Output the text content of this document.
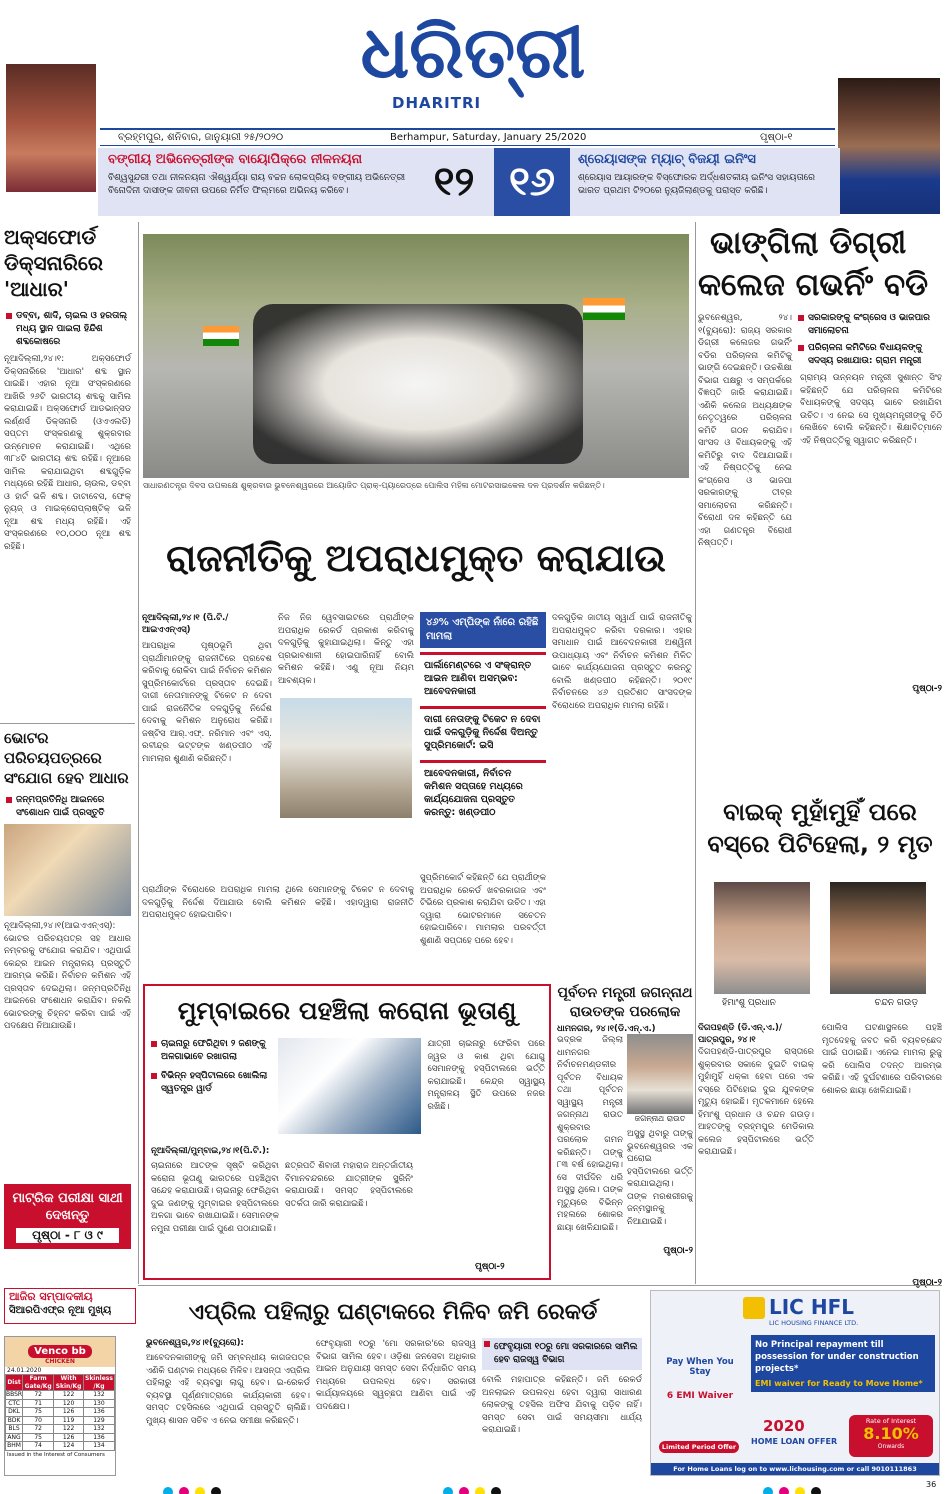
ଧରିତ୍ରୀ
DHARITRI
ବ୍ରହ୍ମପୁର, ଶନିବାର, ଜାନୁୟାରୀ ୨୫/୨୦୨୦	Berhampur, Saturday, January 25/2020	ପୃଷ୍ଠା-୧
ବଙ୍ଗୀୟ ଅଭିନେତ୍ରୀଙ୍କ ବାୟୋପିକ୍‌ରେ ନୀଳନୟନା
ବିଶ୍ୱସୁନ୍ଦରୀ ତଥା ନୀଳନୟନା ଐଶ୍ୱର୍ଯ୍ୟା ରାୟ ବଚ୍ଚନ ଲୋକପ୍ରିୟ ବଙ୍ଗୀୟ ଅଭିନେତ୍ରୀ ବିନୋଦିନୀ ଦାସୀଙ୍କ ଜୀବନୀ ଉପରେ ନିର୍ମିତ ଫିଲ୍ମରେ ଅଭିନୟ କରିବେ।	୧୨ ୧୬	ଶ୍ରେୟାସଙ୍କ ମ୍ୟାଚ୍ ବିଜୟୀ ଇନିଂସ
ଶ୍ରେୟାସ ଆୟାରଙ୍କ ବିସ୍ଫୋରକ ଅର୍ଦ୍ଧଶତକୀୟ ଇନିଂସ ସହାୟତାରେ ଭାରତ ପ୍ରଥମ ଟି୨୦ରେ ନ୍ୟୁଜିଲାଣ୍ଡକୁ ପରାସ୍ତ କରିଛି।
ଅକ୍ସଫୋର୍ଡ ଡିକ୍ସନାରିରେ 'ଆଧାର'
ଡବ୍ବା, ଶାଦି, ଚାଇଲ ଓ ହରତାଲ୍ ମଧ୍ୟ ସ୍ଥାନ ପାଇଲା ହିନ୍ଦିଶ ଶବ୍ଦକୋଷରେ
ନୂଆଦିଲ୍ଲୀ,୨୪।୧: ଅକ୍ସଫୋର୍ଡ ଡିକ୍ସନାରିରେ 'ଆଧାର' ଶବ୍ଦ ସ୍ଥାନ ପାଇଛି। ଏହାର ନୂଆ ସଂସ୍କରଣରେ ଆଖିରି ୨୬ଟି ଭାରତୀୟ ଶବ୍ଦକୁ ସାମିଲ କରାଯାଇଛି। ଅକ୍ସଫୋର୍ଡ ଆଡଭାନ୍ସଡ ଲର୍ଣ୍ଣର୍ସ ଡିକ୍ସନାରି (ଓଏଏଲଡି) ସପ୍ତମ ସଂସ୍କରଣକୁ ଶୁକ୍ରବାର ଉନ୍ମୋଚନ କରାଯାଇଛି। ଏଥିରେ ୩୮୪ଟି ଭାରତୀୟ ଶବ୍ଦ ରହିଛି। ନୂଆରେ ସାମିଲ କରାଯାଇଥିବା ଶବ୍ଦଗୁଡ଼ିକ ମଧ୍ୟରେ ରହିଛି ଆଧାର, ଚାଉଲ, ଡବ୍ବା ଓ ହାର୍ଟ ଭଳି ଶବ୍ଦ। ଡାଟାବେସ, ଫେକ୍ ନ୍ୟୁଜ୍ ଓ ମାଇକ୍ରୋପ୍ଲାଷ୍ଟିକ୍ ଭଳି ନୂଆ ଶବ୍ଦ ମଧ୍ୟ ରହିଛି। ଏହି ସଂସ୍କରଣରେ ୧୦,୦୦୦ ନୂଆ ଶବ୍ଦ ରହିଛି।
ଭୋଟର ପରିଚୟପତ୍ରରେ ସଂଯୋଗ ହେବ ଆଧାର
ଜନ୍ମପ୍ରତିନିଧି ଆଇନରେ ସଂଶୋଧନ ପାଇଁ ପ୍ରସ୍ତୁତି
ନୂଆଦିଲ୍ଲୀ,୨୪।୧(ଆଇଏଏନ୍‌ଏସ୍): ଭୋଟର ପରିଚୟପତ୍ର ସହ ଆଧାର ନମ୍ବରକୁ ସଂଯୋଗ କରାଯିବ। ଏଥିପାଇଁ କେନ୍ଦ୍ର ଆଇନ ମନ୍ତ୍ରାଳୟ ପ୍ରସ୍ତୁତି ଆରମ୍ଭ କରିଛି। ନିର୍ବାଚନ କମିଶନ ଏହି ପ୍ରସ୍ତାବ ଦେଇଥିଲା। ଜନ୍ମପ୍ରତିନିଧି ଆଇନରେ ସଂଶୋଧନ କରାଯିବ। ନକଲି ଭୋଟରଙ୍କୁ ଚିହ୍ନଟ କରିବା ପାଇଁ ଏହି ପଦକ୍ଷେପ ନିଆଯାଉଛି।
ମାଟ୍ରିକ ପରୀକ୍ଷା ସାଥୀ ଦେଖନ୍ତୁ
ପୃଷ୍ଠା - ୮ ଓ ୯
ସାଧାରଣତନ୍ତ୍ର ଦିବସ ଉପଲକ୍ଷେ ଶୁକ୍ରବାର ଭୁବନେଶ୍ୱରରେ ଆୟୋଜିତ ପ୍ରାକ୍-ପ୍ୟାରେଡ୍‌ରେ ପୋଲିସ ମହିଳା ମୋଟରସାଇକେଲ ଦଳ ପ୍ରଦର୍ଶନ କରିଛନ୍ତି।
ଭାଙ୍ଗିଲା ଡିଗ୍ରୀ
କଲେଜ ଗଭର୍ନିଂ ବଡି
ଭୁବନେଶ୍ୱର, ୨୪।୧(ବ୍ୟୁରୋ): ରାଜ୍ୟ ସରକାର ଡିଗ୍ରୀ କଲେଜର ଗଭର୍ନିଂ ବଡିର ପରିଚାଳନା କମିଟିକୁ ଭାଙ୍ଗି ଦେଇଛନ୍ତି। ଉଚ୍ଚଶିକ୍ଷା ବିଭାଗ ପକ୍ଷରୁ ଏ ସମ୍ପର୍କରେ ବିଜ୍ଞପ୍ତି ଜାରି କରାଯାଇଛି। ଏଣିକି କଲେଜ ଅଧ୍ୟକ୍ଷଙ୍କ ନେତୃତ୍ୱରେ ପରିଚାଳନା କମିଟି ଗଠନ କରାଯିବ। ସାଂସଦ ଓ ବିଧାୟକଙ୍କୁ ଏହି କମିଟିରୁ ବାଦ ଦିଆଯାଇଛି। ଏହି ନିଷ୍ପତ୍ତିକୁ ନେଇ କଂଗ୍ରେସ ଓ ଭାଜପା ସରକାରଙ୍କୁ ତୀବ୍ର ସମାଲୋଚନା କରିଛନ୍ତି। ବିରୋଧୀ ଦଳ କହିଛନ୍ତି ଯେ ଏହା ଗଣତନ୍ତ୍ର ବିରୋଧୀ ନିଷ୍ପତ୍ତି।
ସରକାରଙ୍କୁ କଂଗ୍ରେସ ଓ ଭାଜପାର ସମାଲୋଚନା
ପରିଚାଳନା କମିଟିରେ ବିଧାୟକଙ୍କୁ ସଦସ୍ୟ ରଖାଯାଉ: ଗ୍ରାମ ମନ୍ତ୍ରୀ
ଗ୍ରାମ୍ୟ ଉନ୍ନୟନ ମନ୍ତ୍ରୀ ସୁଶାନ୍ତ ସିଂହ କହିଛନ୍ତି ଯେ ପରିଚାଳନା କମିଟିରେ ବିଧାୟକଙ୍କୁ ସଦସ୍ୟ ଭାବେ ରଖାଯିବା ଉଚିତ। ଏ ନେଇ ସେ ମୁଖ୍ୟମନ୍ତ୍ରୀଙ୍କୁ ଚିଠି ଲେଖିବେ ବୋଲି କହିଛନ୍ତି। ଶିକ୍ଷାବିତ୍‌ମାନେ ଏହି ନିଷ୍ପତ୍ତିକୁ ସ୍ୱାଗତ କରିଛନ୍ତି।
ପୃଷ୍ଠା-୨
ରାଜନୀତିକୁ ଅପରାଧମୁକ୍ତ କରାଯାଉ
ନୂଆଦିଲ୍ଲୀ,୨୪।୧ (ପି.ଟି./ଆଇଏଏନ୍‌ଏସ୍)
ଆପରାଧିକ ପୃଷ୍ଠଭୂମି ଥିବା ପ୍ରାର୍ଥୀମାନଙ୍କୁ ରାଜନୀତିରେ ପ୍ରବେଶ କରିବାକୁ ରୋକିବା ପାଇଁ ନିର୍ବାଚନ କମିଶନ ସୁପ୍ରିମକୋର୍ଟରେ ପ୍ରସ୍ତାବ ଦେଇଛି। ଦାଗୀ ନେତାମାନଙ୍କୁ ଟିକେଟ ନ ଦେବା ପାଇଁ ରାଜନୈତିକ ଦଳଗୁଡ଼ିକୁ ନିର୍ଦ୍ଦେଶ ଦେବାକୁ କମିଶନ ଅନୁରୋଧ କରିଛି। ଜଷ୍ଟିସ ଆର୍‌.ଏଫ୍‌. ନରିମାନ ଏବଂ ଏସ୍‌. ରବୀନ୍ଦ୍ର ଭଟ୍ଟଙ୍କ ଖଣ୍ଡପୀଠ ଏହି ମାମଲାର ଶୁଣାଣି କରିଛନ୍ତି।
ନିଜ ନିଜ ୱେବସାଇଟରେ ପ୍ରାର୍ଥୀଙ୍କ ଅପରାଧିକ ରେକର୍ଡ ପ୍ରକାଶ କରିବାକୁ ଦଳଗୁଡ଼ିକୁ କୁହାଯାଇଥିଲା। କିନ୍ତୁ ଏହା ପ୍ରଭାବଶାଳୀ ହୋଇପାରିନାହିଁ ବୋଲି କମିଶନ କହିଛି। ଏଣୁ ନୂଆ ନିୟମ ଆବଶ୍ୟକ।
ପ୍ରାର୍ଥୀଙ୍କ ବିରୋଧରେ ଅପରାଧିକ ମାମଲା ଥିଲେ ସେମାନଙ୍କୁ ଟିକେଟ ନ ଦେବାକୁ ଦଳଗୁଡ଼ିକୁ ନିର୍ଦ୍ଦେଶ ଦିଆଯାଉ ବୋଲି କମିଶନ କହିଛି। ଏହାଦ୍ୱାରା ରାଜନୀତି ଅପରାଧମୁକ୍ତ ହୋଇପାରିବ।
୪୬% ଏମ୍ପିଙ୍କ ନାଁରେ ରହିଛି ମାମଲା
ପାର୍ଲାମେଣ୍ଟରେ ଏ ସଂକ୍ରାନ୍ତ ଆଇନ ଆଣିବା ଅସମ୍ଭବ: ଆବେଦନକାରୀ
ଦାଗୀ ନେତାଙ୍କୁ ଟିକେଟ ନ ଦେବା ପାଇଁ ଦଳଗୁଡ଼ିକୁ ନିର୍ଦ୍ଦେଶ ଦିଅନ୍ତୁ ସୁପ୍ରିମକୋର୍ଟ: ଇସି
ଆବେଦନକାରୀ, ନିର୍ବାଚନ କମିଶନ ସପ୍ତାହେ ମଧ୍ୟରେ କାର୍ଯ୍ୟଯୋଜନା ପ୍ରସ୍ତୁତ କରନ୍ତୁ: ଖଣ୍ଡପୀଠ
ସୁପ୍ରିମକୋର୍ଟ କହିଛନ୍ତି ଯେ ପ୍ରାର୍ଥୀଙ୍କ ଅପରାଧିକ ରେକର୍ଡ ଖବରକାଗଜ ଏବଂ ଟିଭିରେ ପ୍ରକାଶ କରାଯିବା ଉଚିତ। ଏହା ଦ୍ୱାରା ଭୋଟରମାନେ ସଚେତନ ହୋଇପାରିବେ। ମାମଲାର ପରବର୍ତ୍ତୀ ଶୁଣାଣି ସପ୍ତାହେ ପରେ ହେବ।
ଦଳଗୁଡ଼ିକ ଜାତୀୟ ସ୍ୱାର୍ଥ ପାଇଁ ରାଜନୀତିକୁ ଅପରାଧମୁକ୍ତ କରିବା ଦରକାର। ଏହାର ସମାଧାନ ପାଇଁ ଆବେଦନକାରୀ ଅଶ୍ୱିନୀ ଉପାଧ୍ୟାୟ ଏବଂ ନିର୍ବାଚନ କମିଶନ ମିଳିତ ଭାବେ କାର୍ଯ୍ୟଯୋଜନା ପ୍ରସ୍ତୁତ କରନ୍ତୁ ବୋଲି ଖଣ୍ଡପୀଠ କହିଛନ୍ତି। ୨୦୧୯ ନିର୍ବାଚନରେ ୪୬ ପ୍ରତିଶତ ସାଂସଦଙ୍କ ବିରୋଧରେ ଅପରାଧିକ ମାମଲା ରହିଛି।
ବାଇକ୍ ମୁହାଁମୁହିଁ ପରେ
ବସ୍‌ରେ ପିଟିହେଲା, ୨ ମୃତ
ହିମାଂଶୁ ପ୍ରଧାନ	ଚନ୍ଦନ ଗଉଡ଼
ଦିଗପହଣ୍ଡି (ଡି.ଏନ୍‌.ଏ.)/ ପାତ୍ରପୁର, ୨୪।୧
ଦିଗପହଣ୍ଡି-ପାତ୍ରପୁର ରାସ୍ତାରେ ଶୁକ୍ରବାର ସକାଳେ ଦୁଇଟି ବାଇକ୍ ମୁହାଁମୁହିଁ ଧକ୍କା ହେବା ପରେ ଏକ ବସ୍‌ରେ ପିଟିହୋଇ ଦୁଇ ଯୁବକଙ୍କ ମୃତ୍ୟୁ ହୋଇଛି। ମୃତକମାନେ ହେଲେ ହିମାଂଶୁ ପ୍ରଧାନ ଓ ଚନ୍ଦନ ଗଉଡ଼। ଆହତଙ୍କୁ ବ୍ରହ୍ମପୁର ମେଡିକାଲ କଲେଜ ହସ୍ପିଟାଲରେ ଭର୍ତ୍ତି କରାଯାଇଛି।
ପୋଲିସ ଘଟଣାସ୍ଥଳରେ ପହଞ୍ଚି ମୃତଦେହକୁ ଜବତ କରି ବ୍ୟବଚ୍ଛେଦ ପାଇଁ ପଠାଇଛି। ଏନେଇ ମାମଲା ରୁଜୁ କରି ପୋଲିସ ତଦନ୍ତ ଆରମ୍ଭ କରିଛି। ଏହି ଦୁର୍ଘଟଣାରେ ପରିବାରରେ ଶୋକର ଛାୟା ଖେଳିଯାଇଛି।
ପୃଷ୍ଠା-୨
ମୁମ୍ବାଇରେ ପହଞ୍ଚିଲା କରୋନା ଭୂତାଣୁ
ଚାଇନାରୁ ଫେରିଥିବା ୨ ଜଣଙ୍କୁ ଅଳଗାଭାବେ ରଖାଗଲା
ବିଭିନ୍ନ ହସ୍ପିଟାଲରେ ଖୋଲିଲା ସ୍ୱତନ୍ତ୍ର ୱାର୍ଡ
ଯାତ୍ରୀ ଚାଇନାରୁ ଫେରିବା ପରେ ଜ୍ୱର ଓ କାଶ ଥିବା ଯୋଗୁ ସେମାନଙ୍କୁ ହସ୍ପିଟାଲରେ ଭର୍ତ୍ତି କରାଯାଇଛି। କେନ୍ଦ୍ର ସ୍ୱାସ୍ଥ୍ୟ ମନ୍ତ୍ରାଳୟ ସ୍ଥିତି ଉପରେ ନଜର ରଖିଛି।
ନୂଆଦିଲ୍ଲୀ/ମୁମ୍ବାଇ,୨୪।୧(ପି.ଟି.):
ଚାଇନାରେ ଆତଙ୍କ ସୃଷ୍ଟି କରିଥିବା କରୋନା ଭୂତାଣୁ ଭାରତରେ ପହଞ୍ଚିଥିବା ସନ୍ଦେହ କରାଯାଉଛି। ଚାଇନାରୁ ଫେରିଥିବା ଦୁଇ ଜଣଙ୍କୁ ମୁମ୍ବାଇର ହସ୍ପିଟାଲରେ ଅଳଗା ଭାବେ ରଖାଯାଇଛି। ସେମାନଙ୍କ ନମୁନା ପରୀକ୍ଷା ପାଇଁ ପୁଣେ ପଠାଯାଇଛି।
ଛତ୍ରପତି ଶିବାଜୀ ମହାରାଜ ଅନ୍ତର୍ଜାତୀୟ ବିମାନବନ୍ଦରରେ ଯାତ୍ରୀଙ୍କ ସ୍କ୍ରିନିଂ କରାଯାଉଛି। ସମସ୍ତ ହସ୍ପିଟାଲରେ ସତର୍କତା ଜାରି କରାଯାଇଛି।
ପୃଷ୍ଠା-୨
ପୂର୍ବତନ ମନ୍ତ୍ରୀ ଜଗନ୍ନାଥ ରାଉତଙ୍କ ପରଲୋକ
ଧାମନଗର, ୨୪।୧(ଡି.ଏନ୍‌.ଏ.)
ଭଦ୍ରକ ଜିଲ୍ଲା ଧାମନଗର ନିର୍ବାଚନମଣ୍ଡଳୀର ପୂର୍ବତନ ବିଧାୟକ ତଥା ପୂର୍ବତନ ସ୍ୱାସ୍ଥ୍ୟ ମନ୍ତ୍ରୀ ଜଗନ୍ନାଥ ରାଉତ ଶୁକ୍ରବାର ପରଲୋକ ଗମନ କରିଛନ୍ତି। ତାଙ୍କୁ ୮୩ ବର୍ଷ ହୋଇଥିଲା। ସେ ଦୀର୍ଘଦିନ ଧରି ଅସୁସ୍ଥ ଥିଲେ। ତାଙ୍କ ମୃତ୍ୟୁରେ ବିଭିନ୍ନ ମହଲରେ ଶୋକର ଛାୟା ଖେଳିଯାଇଛି।
ଜଗନ୍ନାଥ ରାଉତ
ଅସୁସ୍ଥ ଥିବାରୁ ତାଙ୍କୁ ଭୁବନେଶ୍ୱରର ଏକ ଘରୋଇ ହସ୍ପିଟାଲରେ ଭର୍ତ୍ତି କରାଯାଇଥିଲା। ତାଙ୍କ ମରଶରୀରକୁ ଜନ୍ମସ୍ଥାନକୁ ନିଆଯାଇଛି।
ପୃଷ୍ଠା-୨
ଆଜିର ସମ୍ପାଦକୀୟ
ସିଆରପିଏଫ୍‌ର ନୂଆ ମୁଖ୍ୟ
Venco bb
CHICKEN
24.01.2020
Dist	Farm Gate/Kg	With Skin/Kg	Skinless /Kg
BBSR	72	122	132
CTC	71	120	130
DKL	75	126	136
BDK	70	119	129
BLS	72	122	132
ANG	75	126	136
BHM	74	124	134
Issued in the Interest of Consumers
ଏପ୍ରିଲ ପହିଲାରୁ ଘଣ୍ଟାକରେ ମିଳିବ ଜମି ରେକର୍ଡ
ଭୁବନେଶ୍ୱର,୨୪।୧(ବ୍ୟୁରୋ):
ଆବେଦନକାରୀଙ୍କୁ ଜମି ସମ୍ବନ୍ଧୀୟ କାଗଜପତ୍ର ଏଣିକି ଘଣ୍ଟାକ ମଧ୍ୟରେ ମିଳିବ। ଆସନ୍ତା ଏପ୍ରିଲ ପହିଲାରୁ ଏହି ବ୍ୟବସ୍ଥା ଲାଗୁ ହେବ। ଇ-ରେକର୍ଡ ବ୍ୟବସ୍ଥା ପୂର୍ଣ୍ଣମାତ୍ରାରେ କାର୍ଯ୍ୟକାରୀ ହେବ। ସମସ୍ତ ତହସିଲରେ ଏଥିପାଇଁ ପ୍ରସ୍ତୁତି ଚାଲିଛି। ମୁଖ୍ୟ ଶାସନ ସଚିବ ଏ ନେଇ ସମୀକ୍ଷା କରିଛନ୍ତି।
ଫେବୃୟାରୀ ୧୦ରୁ 'ମୋ ସରକାର'ରେ ରାଜସ୍ୱ ବିଭାଗ ସାମିଲ ହେବ। ଓଡ଼ିଶା ଜନସେବା ଅଧିକାର ଆଇନ ଅନୁଯାୟୀ ସମସ୍ତ ସେବା ନିର୍ଦ୍ଧାରିତ ସମୟ ମଧ୍ୟରେ ଉପଲବ୍ଧ ହେବ। ସରକାରୀ କାର୍ଯ୍ୟାଳୟରେ ସ୍ୱଚ୍ଛତା ଆଣିବା ପାଇଁ ଏହି ପଦକ୍ଷେପ।
ଫେବୃୟାରୀ ୧୦ରୁ ମୋ ସରକାରରେ ସାମିଲ ହେବ ରାଜସ୍ୱ ବିଭାଗ
ବୋଲି ମହାପାତ୍ର କହିଛନ୍ତି। ଜମି ରେକର୍ଡ ଅନଲାଇନ ଉପଲବ୍ଧ ହେବା ଦ୍ୱାରା ସାଧାରଣ ଲୋକଙ୍କୁ ତହସିଲ ଅଫିସ ଯିବାକୁ ପଡ଼ିବ ନାହିଁ। ସମସ୍ତ ସେବା ପାଇଁ ସମୟସୀମା ଧାର୍ଯ୍ୟ କରାଯାଇଛି।
LIC HFL
LIC HOUSING FINANCE LTD.
Pay When You Stay
6 EMI Waiver
Limited Period Offer
No Principal repayment till possession for under construction projects*
EMI waiver for Ready to Move Home*
2020
HOME LOAN OFFER
Rate of Interest
8.10%
Onwards
For Home Loans log on to www.lichousing.com or call 9010111863
36
